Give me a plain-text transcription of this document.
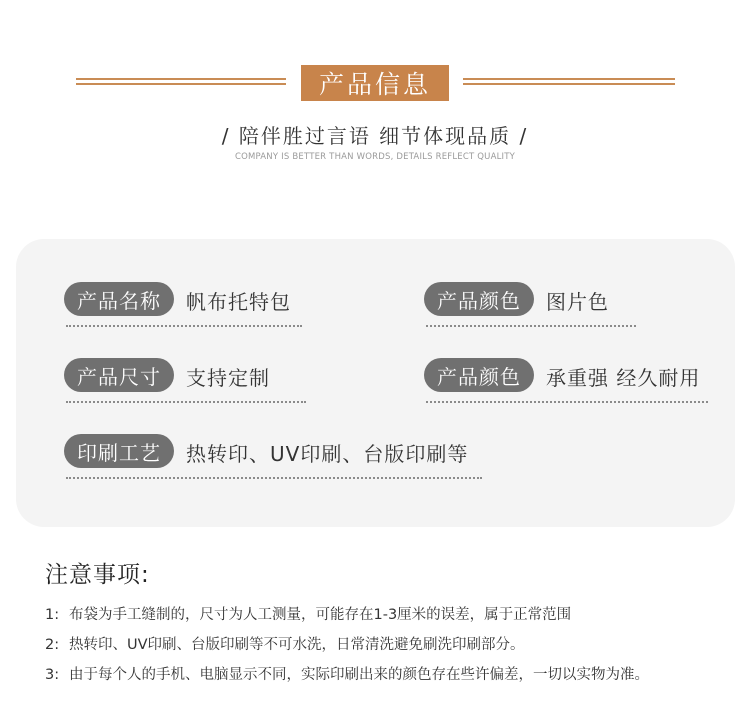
产品信息
/ 陪伴胜过言语 细节体现品质 /
COMPANY IS BETTER THAN WORDS, DETAILS REFLECT QUALITY
产品名称	帆布托特包	产品颜色	图片色
产品尺寸	支持定制	产品颜色	承重强 经久耐用
印刷工艺	热转印、UV印刷、台版印刷等
注意事项:
1: 布袋为手工缝制的，尺寸为人工测量，可能存在1-3厘米的误差，属于正常范围
2: 热转印、UV印刷、台版印刷等不可水洗，日常清洗避免刷洗印刷部分。
3: 由于每个人的手机、电脑显示不同，实际印刷出来的颜色存在些许偏差，一切以实物为准。
